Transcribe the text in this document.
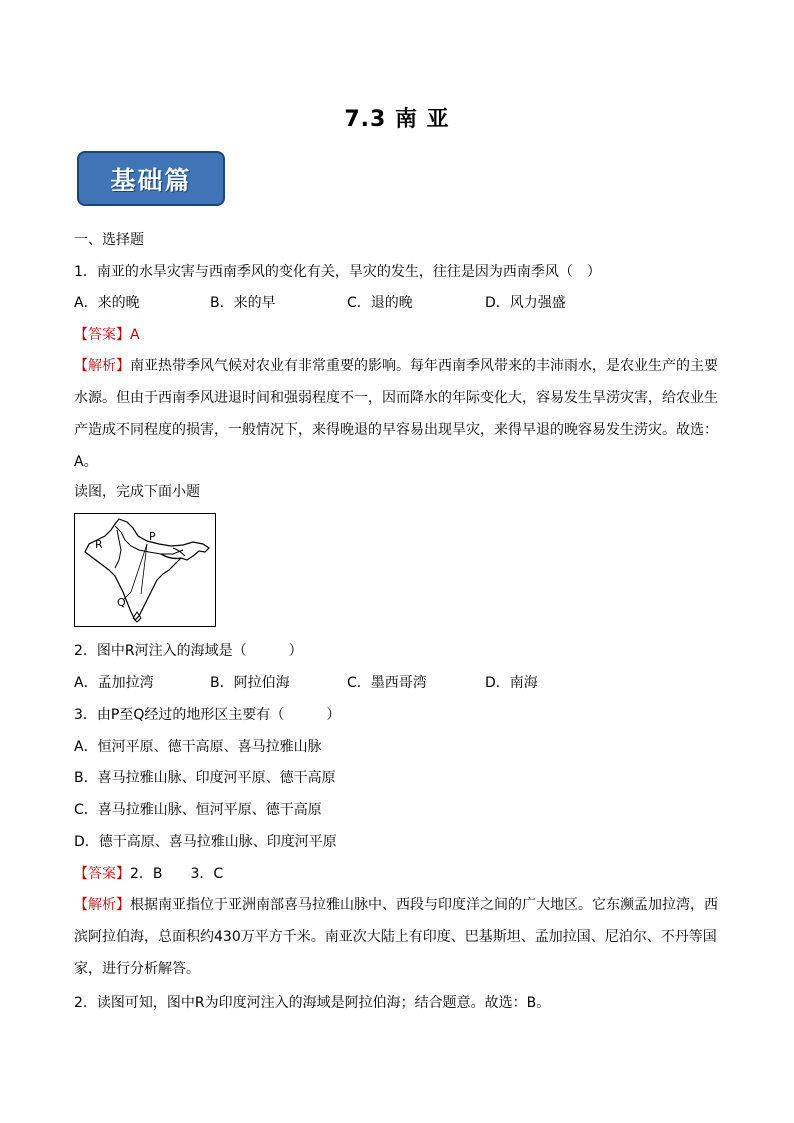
7.3 南 亚
基础篇
一、选择题
1．南亚的水旱灾害与西南季风的变化有关，旱灾的发生，往往是因为西南季风（　）
A．来的晚	B．来的早	C．退的晚	D．风力强盛
【答案】A
【解析】南亚热带季风气候对农业有非常重要的影响。每年西南季风带来的丰沛雨水，是农业生产的主要水源。但由于西南季风进退时间和强弱程度不一，因而降水的年际变化大，容易发生旱涝灾害，给农业生产造成不同程度的损害，一般情况下，来得晚退的早容易出现旱灾，来得早退的晚容易发生涝灾。故选：A。
读图，完成下面小题
R
P
Q
2．图中R河注入的海域是（　　　）
A．孟加拉湾	B．阿拉伯海	C．墨西哥湾	D．南海
3．由P至Q经过的地形区主要有（　　　）
A．恒河平原、德干高原、喜马拉雅山脉
B．喜马拉雅山脉、印度河平原、德干高原
C．喜马拉雅山脉、恒河平原、德干高原
D．德干高原、喜马拉雅山脉、印度河平原
【答案】2．B　　3．C
【解析】根据南亚指位于亚洲南部喜马拉雅山脉中、西段与印度洋之间的广大地区。它东濒孟加拉湾，西滨阿拉伯海，总面积约430万平方千米。南亚次大陆上有印度、巴基斯坦、孟加拉国、尼泊尔、不丹等国家，进行分析解答。
2．读图可知，图中R为印度河注入的海域是阿拉伯海；结合题意。故选：B。
